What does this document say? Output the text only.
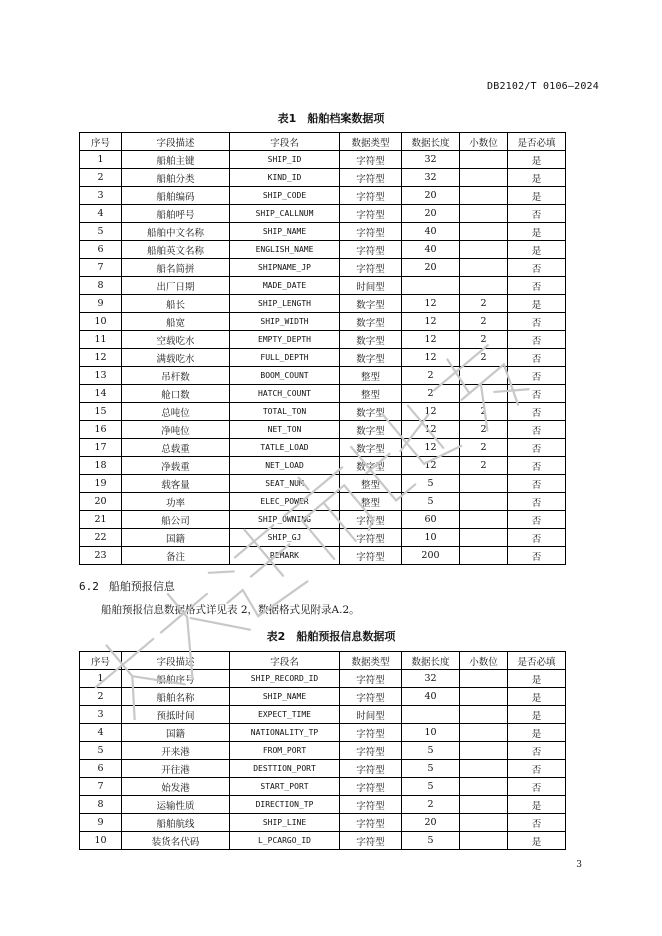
DB2102/T 0106—2024
表1　船舶档案数据项
序号	字段描述	字段名	数据类型	数据长度	小数位	是否必填
1	船舶主键	SHIP_ID	字符型	32		是
2	船舶分类	KIND_ID	字符型	32		是
3	船舶编码	SHIP_CODE	字符型	20		是
4	船舶呼号	SHIP_CALLNUM	字符型	20		否
5	船舶中文名称	SHIP_NAME	字符型	40		是
6	船舶英文名称	ENGLISH_NAME	字符型	40		是
7	船名简拼	SHIPNAME_JP	字符型	20		否
8	出厂日期	MADE_DATE	时间型			否
9	船长	SHIP_LENGTH	数字型	12	2	是
10	船宽	SHIP_WIDTH	数字型	12	2	否
11	空载吃水	EMPTY_DEPTH	数字型	12	2	否
12	满载吃水	FULL_DEPTH	数字型	12	2	否
13	吊杆数	BOOM_COUNT	整型	2		否
14	舱口数	HATCH_COUNT	整型	2		否
15	总吨位	TOTAL_TON	数字型	12	2	否
16	净吨位	NET_TON	数字型	12	2	否
17	总载重	TATLE_LOAD	数字型	12	2	否
18	净载重	NET_LOAD	数字型	12	2	否
19	载客量	SEAT_NUM	整型	5		否
20	功率	ELEC_POWER	整型	5		否
21	船公司	SHIP_OWNING	字符型	60		否
22	国籍	SHIP_GJ	字符型	10		否
23	备注	REMARK	字符型	200		否
6.2 船舶预报信息
船舶预报信息数据格式详见表 2，数据格式见附录A.2。
表2　船舶预报信息数据项
序号	字段描述	字段名	数据类型	数据长度	小数位	是否必填
1	船舶序号	SHIP_RECORD_ID	字符型	32		是
2	船舶名称	SHIP_NAME	字符型	40		是
3	预抵时间	EXPECT_TIME	时间型			是
4	国籍	NATIONALITY_TP	字符型	10		是
5	开来港	FROM_PORT	字符型	5		否
6	开往港	DESTTION_PORT	字符型	5		否
7	始发港	START_PORT	字符型	5		否
8	运输性质	DIRECTION_TP	字符型	2		是
9	船舶航线	SHIP_LINE	字符型	20		否
10	装货名代码	L_PCARGO_ID	字符型	5		是
3
